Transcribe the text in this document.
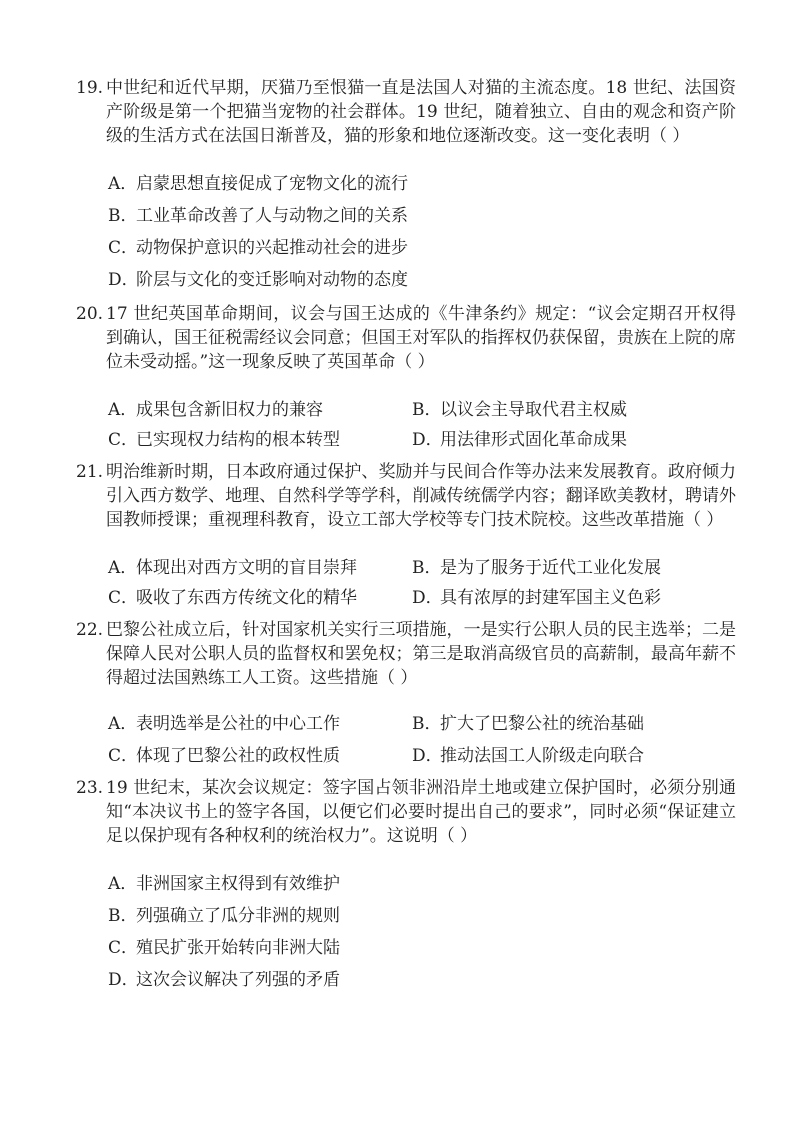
19. 中世纪和近代早期，厌猫乃至恨猫一直是法国人对猫的主流态度。18 世纪、法国资产阶级是第一个把猫当宠物的社会群体。19 世纪，随着独立、自由的观念和资产阶级的生活方式在法国日渐普及，猫的形象和地位逐渐改变。这一变化表明（ ）
A．启蒙思想直接促成了宠物文化的流行
B．工业革命改善了人与动物之间的关系
C．动物保护意识的兴起推动社会的进步
D．阶层与文化的变迁影响对动物的态度
20. 17 世纪英国革命期间，议会与国王达成的《牛津条约》规定：“议会定期召开权得到确认，国王征税需经议会同意；但国王对军队的指挥权仍获保留，贵族在上院的席位未受动摇。”这一现象反映了英国革命（ ）
A．成果包含新旧权力的兼容	B．以议会主导取代君主权威
C．已实现权力结构的根本转型	D．用法律形式固化革命成果
21. 明治维新时期，日本政府通过保护、奖励并与民间合作等办法来发展教育。政府倾力引入西方数学、地理、自然科学等学科，削减传统儒学内容；翻译欧美教材，聘请外国教师授课；重视理科教育，设立工部大学校等专门技术院校。这些改革措施（ ）
A．体现出对西方文明的盲目崇拜	B．是为了服务于近代工业化发展
C．吸收了东西方传统文化的精华	D．具有浓厚的封建军国主义色彩
22. 巴黎公社成立后，针对国家机关实行三项措施，一是实行公职人员的民主选举；二是保障人民对公职人员的监督权和罢免权；第三是取消高级官员的高薪制，最高年薪不得超过法国熟练工人工资。这些措施（ ）
A．表明选举是公社的中心工作	B．扩大了巴黎公社的统治基础
C．体现了巴黎公社的政权性质	D．推动法国工人阶级走向联合
23. 19 世纪末，某次会议规定：签字国占领非洲沿岸土地或建立保护国时，必须分别通知“本决议书上的签字各国，以便它们必要时提出自己的要求”，同时必须“保证建立足以保护现有各种权利的统治权力”。这说明（ ）
A．非洲国家主权得到有效维护
B．列强确立了瓜分非洲的规则
C．殖民扩张开始转向非洲大陆
D．这次会议解决了列强的矛盾
